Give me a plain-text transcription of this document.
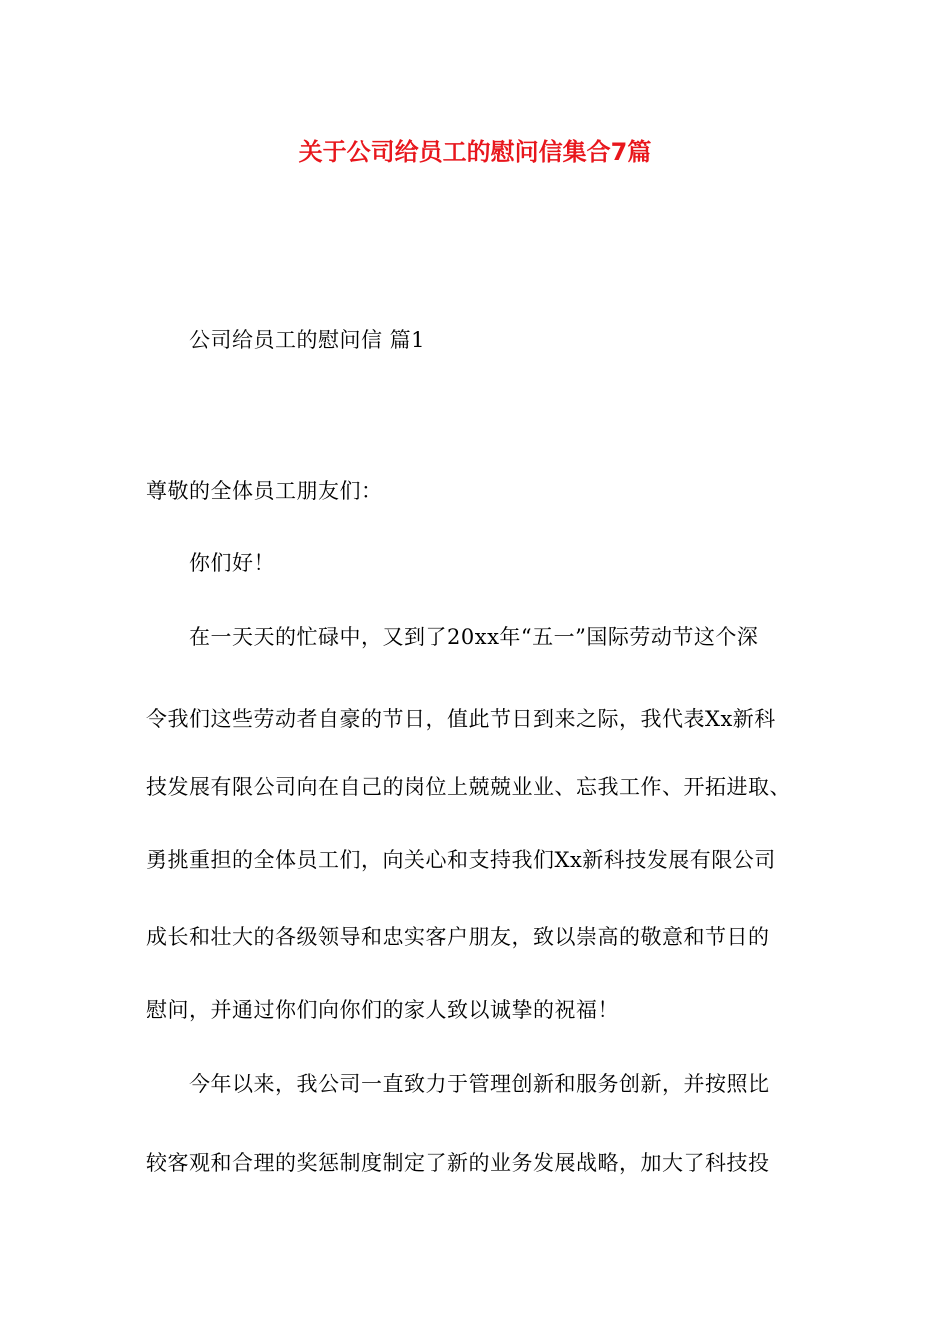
关于公司给员工的慰问信集合7篇
公司给员工的慰问信 篇1
尊敬的全体员工朋友们：
你们好！
在一天天的忙碌中，又到了20xx年“五一”国际劳动节这个深
令我们这些劳动者自豪的节日，值此节日到来之际，我代表Xx新科
技发展有限公司向在自己的岗位上兢兢业业、忘我工作、开拓进取、
勇挑重担的全体员工们，向关心和支持我们Xx新科技发展有限公司
成长和壮大的各级领导和忠实客户朋友，致以崇高的敬意和节日的
慰问，并通过你们向你们的家人致以诚挚的祝福！
今年以来，我公司一直致力于管理创新和服务创新，并按照比
较客观和合理的奖惩制度制定了新的业务发展战略，加大了科技投
